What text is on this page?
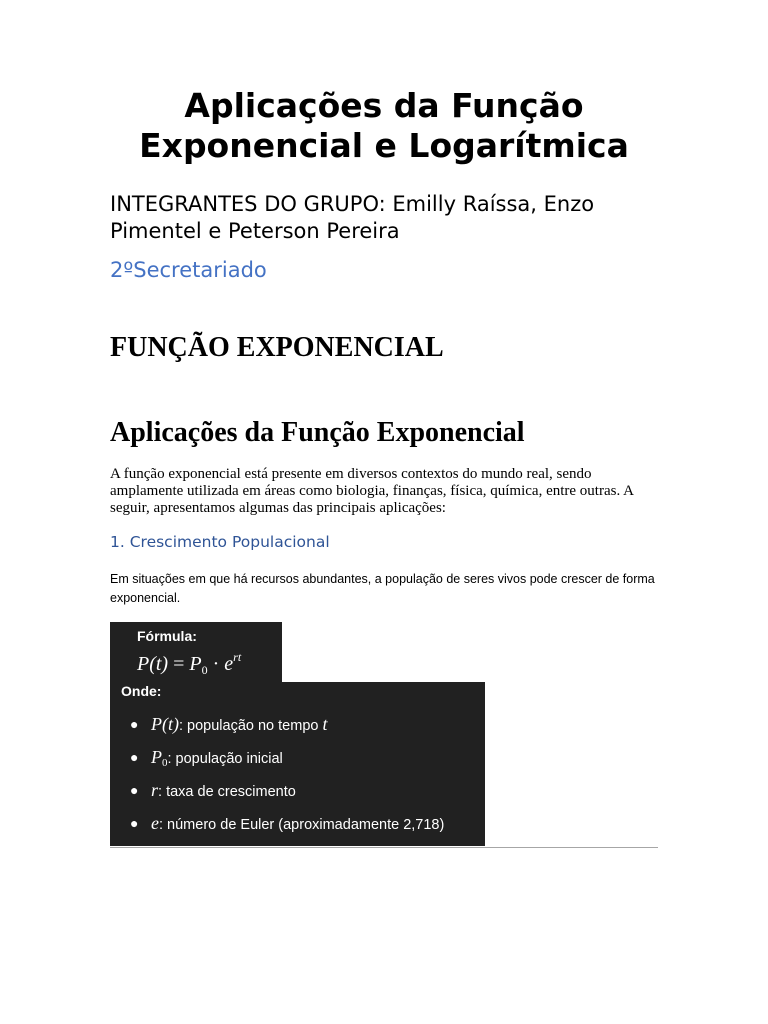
Aplicações da Função Exponencial e Logarítmica

INTEGRANTES DO GRUPO: Emilly Raíssa, Enzo Pimentel e Peterson Pereira

2ºSecretariado

FUNÇÃO EXPONENCIAL
Aplicações da Função Exponencial

A função exponencial está presente em diversos contextos do mundo real, sendo amplamente utilizada em áreas como biologia, finanças, física, química, entre outras. A seguir, apresentamos algumas das principais aplicações:

1. Crescimento Populacional

Em situações em que há recursos abundantes, a população de seres vivos pode crescer de forma exponencial.

Fórmula:
$P(t) = P_0 \cdot e^{rt}$
Onde:
● P(t): população no tempo t
● $P_0$: população inicial
● r: taxa de crescimento
● e: número de Euler (aproximadamente 2,718)
